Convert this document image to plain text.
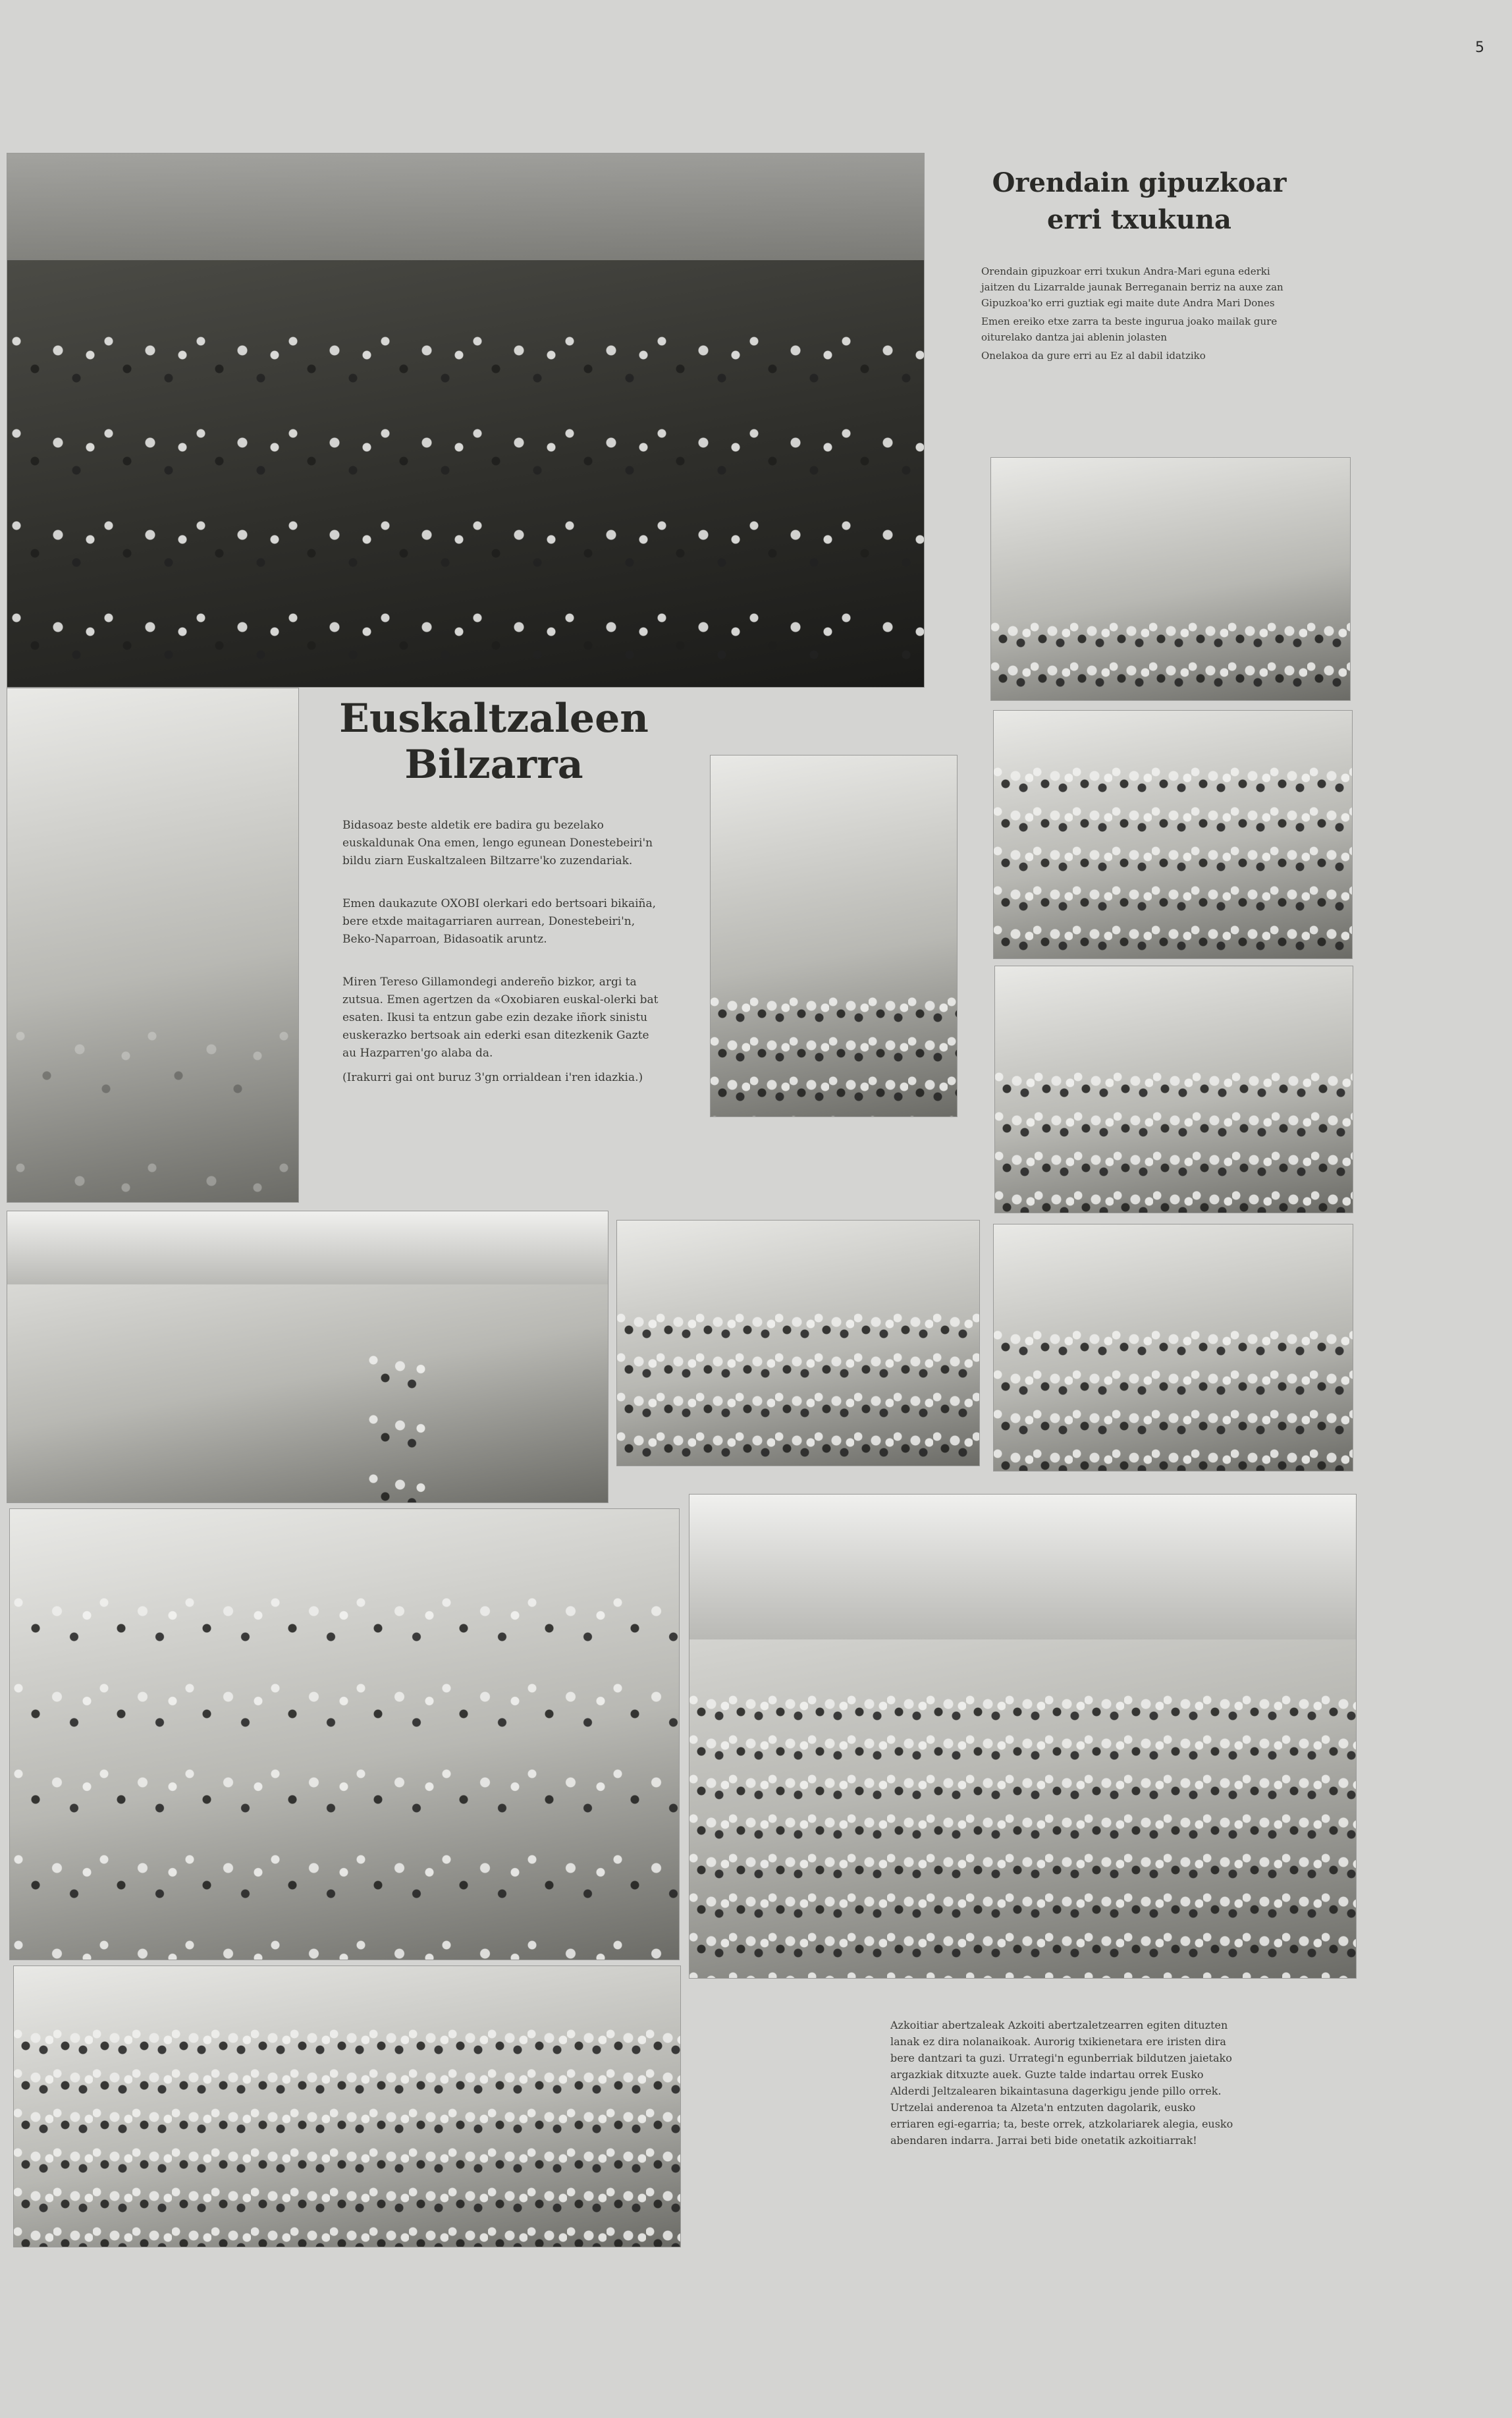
5
Orendain gipuzkoar
erri txukuna

Orendain gipuzkoar erri txukun Andra-Mari eguna ederki jaitzen du Lizarralde jaunak Berreganain berriz na auxe zan Gipuzkoa'ko erri guztiak egi maite dute Andra Mari Dones

Emen ereiko etxe zarra ta beste ingurua joako mailak gure oiturelako dantza jai ablenin jolasten

Onelakoa da gure erri au Ez al dabil idatziko

Euskaltzaleen
Bilzarra

Bidasoaz beste aldetik ere badira gu bezelako euskaldunak Ona emen, lengo egunean Donestebeiri'n bildu ziarn Euskaltzaleen Biltzarre'ko zuzendariak.

Emen daukazute OXOBI olerkari edo bertsoari bikaiña, bere etxde maitagarriaren aurrean, Donestebeiri'n, Beko-Naparroan, Bidasoatik aruntz.

Miren Tereso Gillamondegi andereño bizkor, argi ta zutsua. Emen agertzen da «Oxobiaren euskal-olerki bat esaten. Ikusi ta entzun gabe ezin dezake iñork sinistu euskerazko bertsoak ain ederki esan ditezkenik Gazte au Hazparren'go alaba da.

(Irakurri gai ont buruz 3'gn orrialdean i'ren idazkia.)

Azkoitiar abertzaleak Azkoiti abertzaletzearren egiten dituzten lanak ez dira nolanaikoak. Aurorig txikienetara ere iristen dira bere dantzari ta guzi. Urrategi'n egunberriak bildutzen jaietako argazkiak ditxuzte auek. Guzte talde indartau orrek Eusko Alderdi Jeltzalearen bikaintasuna dagerkigu jende pillo orrek. Urtzelai anderenoa ta Alzeta'n entzuten dagolarik, eusko erriaren egi-egarria; ta, beste orrek, atzkolariarek alegia, eusko abendaren indarra. Jarrai beti bide onetatik azkoitiarrak!
